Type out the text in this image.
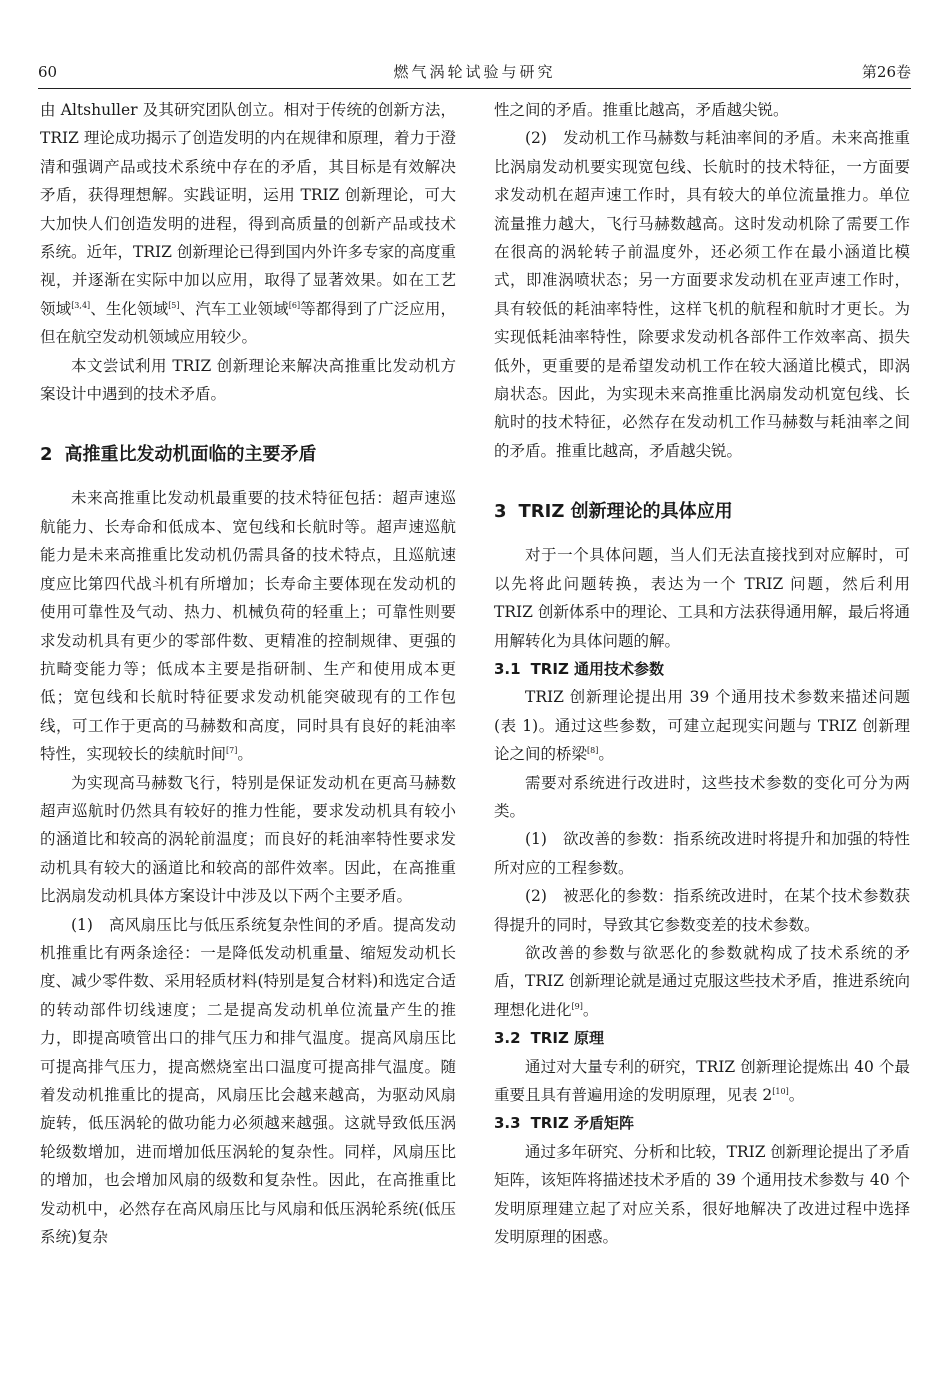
60	燃气涡轮试验与研究	第26卷

由 Altshuller 及其研究团队创立。相对于传统的创新方法，TRIZ 理论成功揭示了创造发明的内在规律和原理，着力于澄清和强调产品或技术系统中存在的矛盾，其目标是有效解决矛盾，获得理想解。实践证明，运用 TRIZ 创新理论，可大大加快人们创造发明的进程，得到高质量的创新产品或技术系统。近年，TRIZ 创新理论已得到国内外许多专家的高度重视，并逐渐在实际中加以应用，取得了显著效果。如在工艺领域[3,4]、生化领域[5]、汽车工业领域[6]等都得到了广泛应用，但在航空发动机领域应用较少。

本文尝试利用 TRIZ 创新理论来解决高推重比发动机方案设计中遇到的技术矛盾。

2 高推重比发动机面临的主要矛盾

未来高推重比发动机最重要的技术特征包括：超声速巡航能力、长寿命和低成本、宽包线和长航时等。超声速巡航能力是未来高推重比发动机仍需具备的技术特点，且巡航速度应比第四代战斗机有所增加；长寿命主要体现在发动机的使用可靠性及气动、热力、机械负荷的轻重上；可靠性则要求发动机具有更少的零部件数、更精准的控制规律、更强的抗畸变能力等；低成本主要是指研制、生产和使用成本更低；宽包线和长航时特征要求发动机能突破现有的工作包线，可工作于更高的马赫数和高度，同时具有良好的耗油率特性，实现较长的续航时间[7]。

为实现高马赫数飞行，特别是保证发动机在更高马赫数超声巡航时仍然具有较好的推力性能，要求发动机具有较小的涵道比和较高的涡轮前温度；而良好的耗油率特性要求发动机具有较大的涵道比和较高的部件效率。因此，在高推重比涡扇发动机具体方案设计中涉及以下两个主要矛盾。

(1)　高风扇压比与低压系统复杂性间的矛盾。提高发动机推重比有两条途径：一是降低发动机重量、缩短发动机长度、减少零件数、采用轻质材料(特别是复合材料)和选定合适的转动部件切线速度；二是提高发动机单位流量产生的推力，即提高喷管出口的排气压力和排气温度。提高风扇压比可提高排气压力，提高燃烧室出口温度可提高排气温度。随着发动机推重比的提高，风扇压比会越来越高，为驱动风扇旋转，低压涡轮的做功能力必须越来越强。这就导致低压涡轮级数增加，进而增加低压涡轮的复杂性。同样，风扇压比的增加，也会增加风扇的级数和复杂性。因此，在高推重比发动机中，必然存在高风扇压比与风扇和低压涡轮系统(低压系统)复杂

性之间的矛盾。推重比越高，矛盾越尖锐。

(2)　发动机工作马赫数与耗油率间的矛盾。未来高推重比涡扇发动机要实现宽包线、长航时的技术特征，一方面要求发动机在超声速工作时，具有较大的单位流量推力。单位流量推力越大，飞行马赫数越高。这时发动机除了需要工作在很高的涡轮转子前温度外，还必须工作在最小涵道比模式，即准涡喷状态；另一方面要求发动机在亚声速工作时，具有较低的耗油率特性，这样飞机的航程和航时才更长。为实现低耗油率特性，除要求发动机各部件工作效率高、损失低外，更重要的是希望发动机工作在较大涵道比模式，即涡扇状态。因此，为实现未来高推重比涡扇发动机宽包线、长航时的技术特征，必然存在发动机工作马赫数与耗油率之间的矛盾。推重比越高，矛盾越尖锐。

3 TRIZ 创新理论的具体应用

对于一个具体问题，当人们无法直接找到对应解时，可以先将此问题转换，表达为一个 TRIZ 问题，然后利用 TRIZ 创新体系中的理论、工具和方法获得通用解，最后将通用解转化为具体问题的解。

3.1 TRIZ 通用技术参数

TRIZ 创新理论提出用 39 个通用技术参数来描述问题(表 1)。通过这些参数，可建立起现实问题与 TRIZ 创新理论之间的桥梁[8]。

需要对系统进行改进时，这些技术参数的变化可分为两类。

(1)　欲改善的参数：指系统改进时将提升和加强的特性所对应的工程参数。

(2)　被恶化的参数：指系统改进时，在某个技术参数获得提升的同时，导致其它参数变差的技术参数。

欲改善的参数与欲恶化的参数就构成了技术系统的矛盾，TRIZ 创新理论就是通过克服这些技术矛盾，推进系统向理想化进化[9]。

3.2 TRIZ 原理

通过对大量专利的研究，TRIZ 创新理论提炼出 40 个最重要且具有普遍用途的发明原理，见表 2[10]。

3.3 TRIZ 矛盾矩阵

通过多年研究、分析和比较，TRIZ 创新理论提出了矛盾矩阵，该矩阵将描述技术矛盾的 39 个通用技术参数与 40 个发明原理建立起了对应关系，很好地解决了改进过程中选择发明原理的困惑。
